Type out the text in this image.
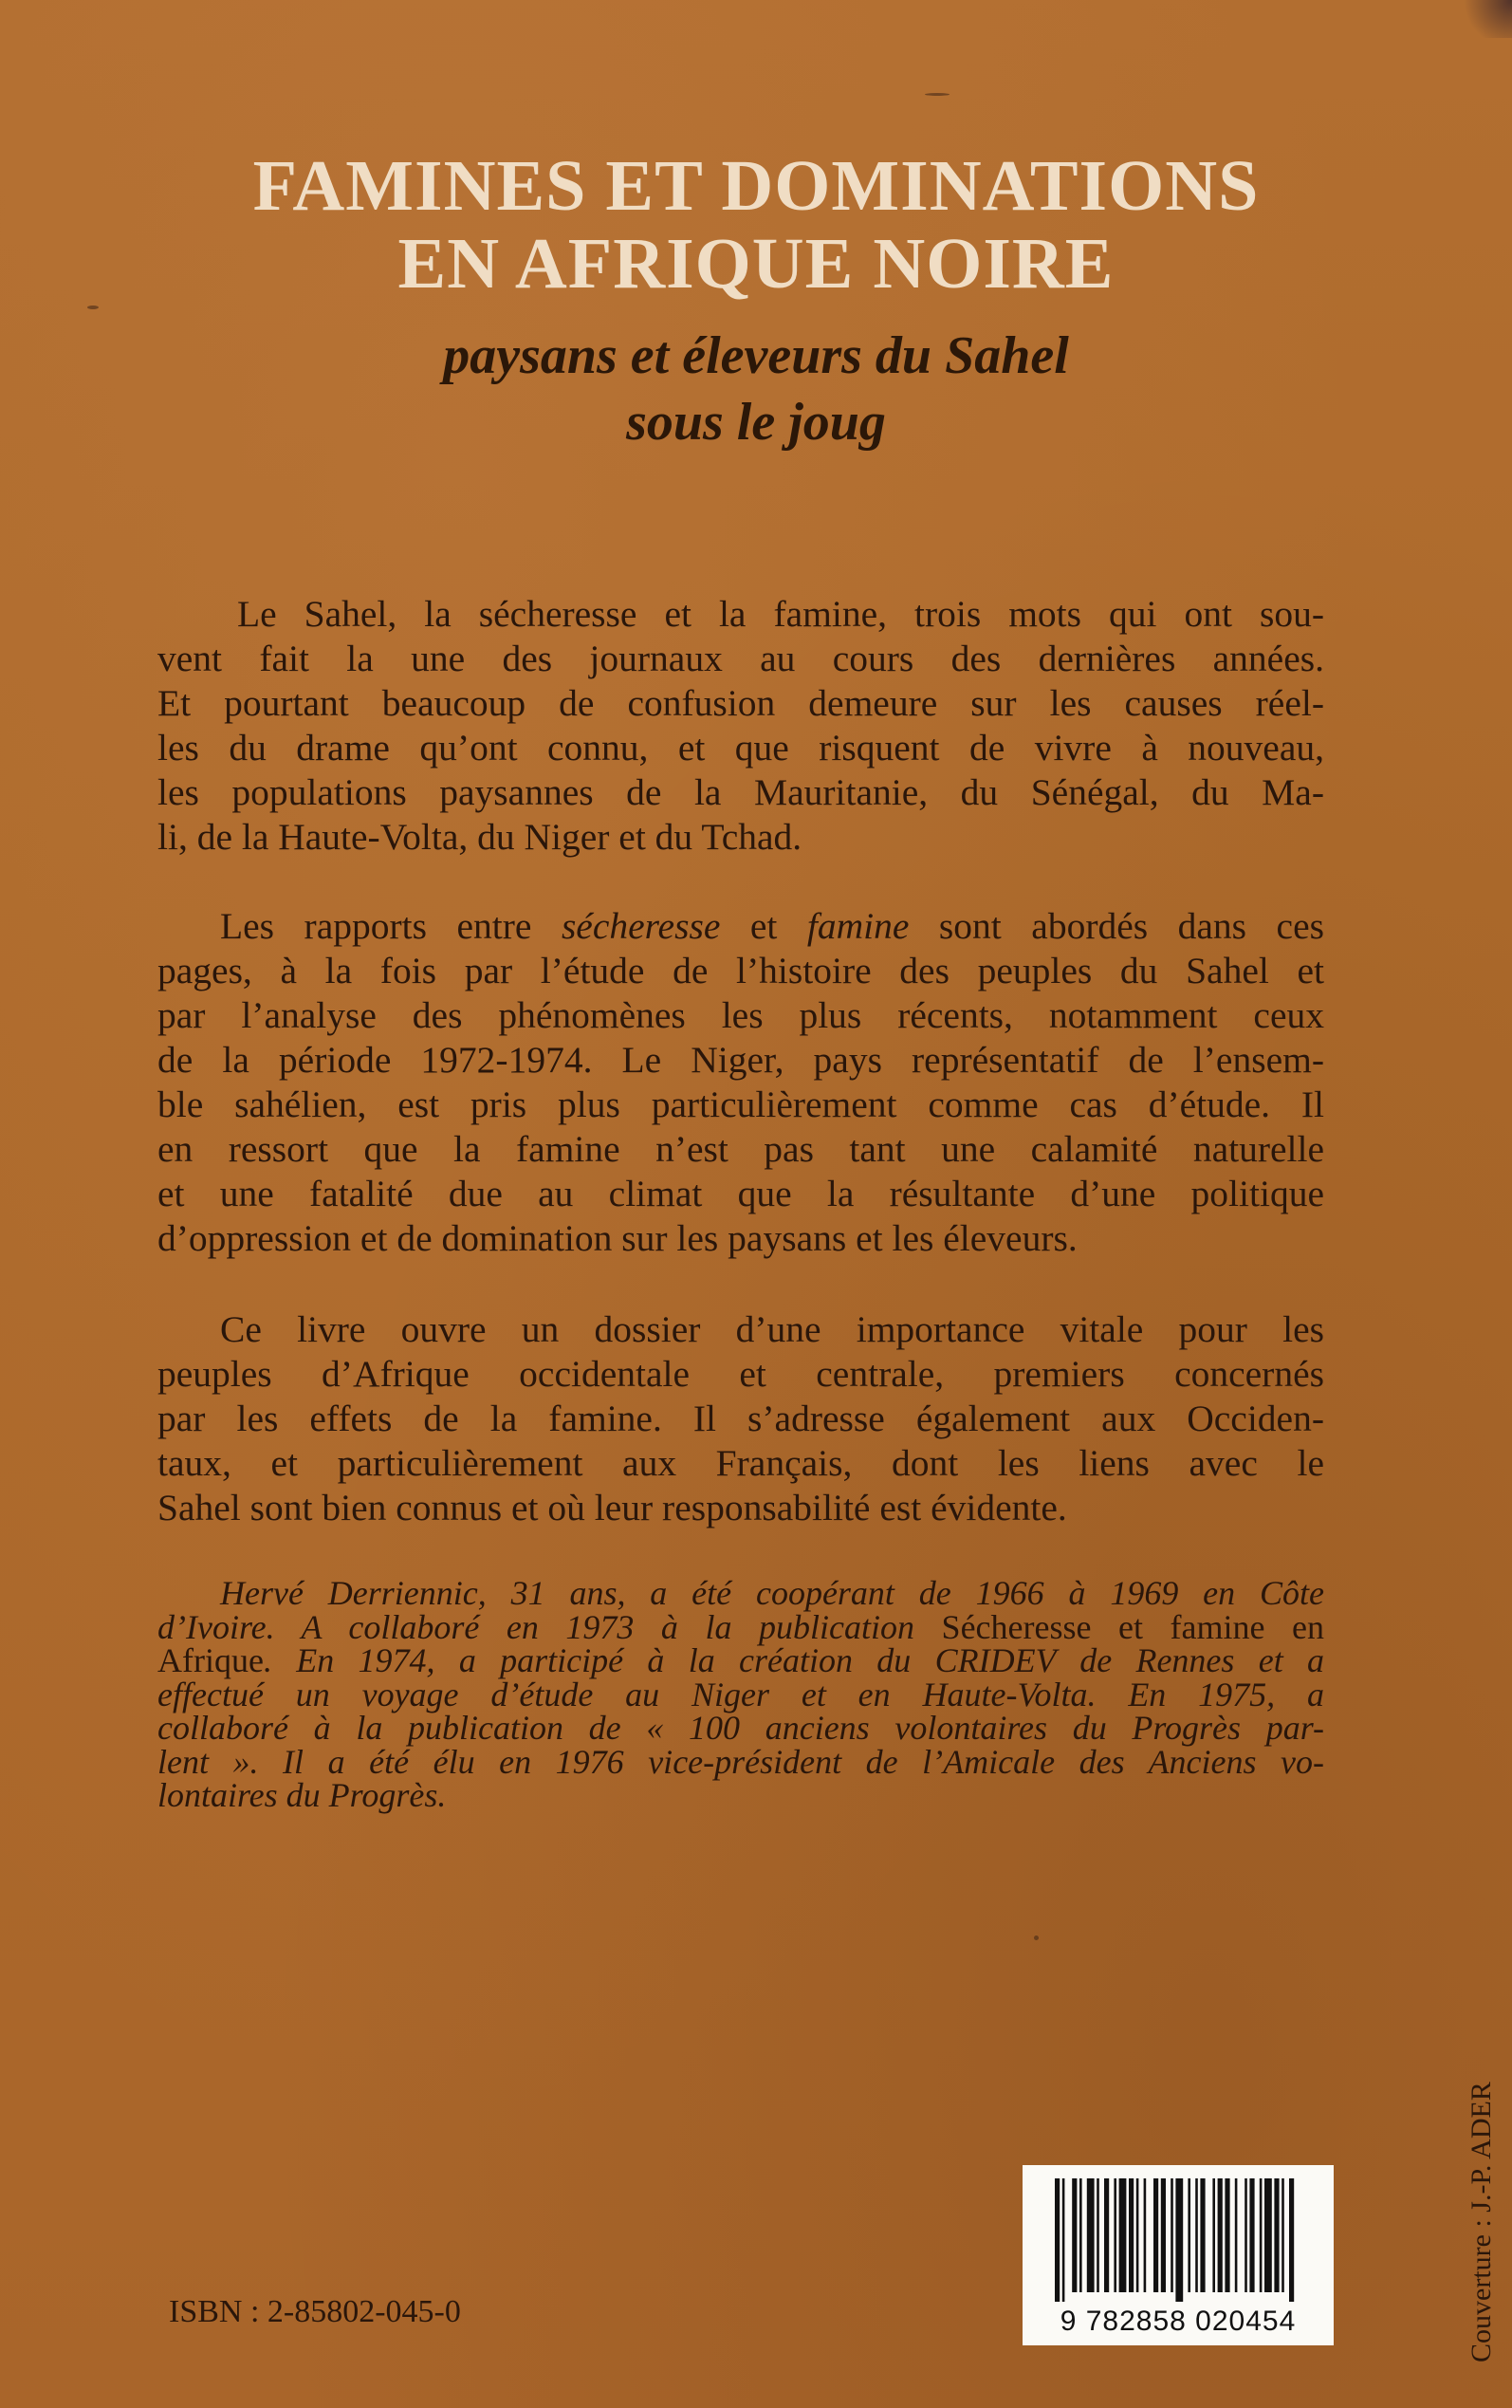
FAMINES ET DOMINATIONS
EN AFRIQUE NOIRE
paysans et éleveurs du Sahel
sous le joug
Le Sahel, la sécheresse et la famine, trois mots qui ont sou-
vent fait la une des journaux au cours des dernières années.
Et pourtant beaucoup de confusion demeure sur les causes réel-
les du drame qu’ont connu, et que risquent de vivre à nouveau,
les populations paysannes de la Mauritanie, du Sénégal, du Ma-
li, de la Haute-Volta, du Niger et du Tchad.
Les rapports entre sécheresse et famine sont abordés dans ces
pages, à la fois par l’étude de l’histoire des peuples du Sahel et
par l’analyse des phénomènes les plus récents, notamment ceux
de la période 1972-1974. Le Niger, pays représentatif de l’ensem-
ble sahélien, est pris plus particulièrement comme cas d’étude. Il
en ressort que la famine n’est pas tant une calamité naturelle
et une fatalité due au climat que la résultante d’une politique
d’oppression et de domination sur les paysans et les éleveurs.
Ce livre ouvre un dossier d’une importance vitale pour les
peuples d’Afrique occidentale et centrale, premiers concernés
par les effets de la famine. Il s’adresse également aux Occiden-
taux, et particulièrement aux Français, dont les liens avec le
Sahel sont bien connus et où leur responsabilité est évidente.
Hervé Derriennic, 31 ans, a été coopérant de 1966 à 1969 en Côte
d’Ivoire. A collaboré en 1973 à la publication Sécheresse et famine en
Afrique. En 1974, a participé à la création du CRIDEV de Rennes et a
effectué un voyage d’étude au Niger et en Haute-Volta. En 1975, a
collaboré à la publication de « 100 anciens volontaires du Progrès par-
lent ». Il a été élu en 1976 vice-président de l’Amicale des Anciens vo-
lontaires du Progrès.
ISBN : 2-85802-045-0	9 782858 020454	Couverture : J.-P. ADER
